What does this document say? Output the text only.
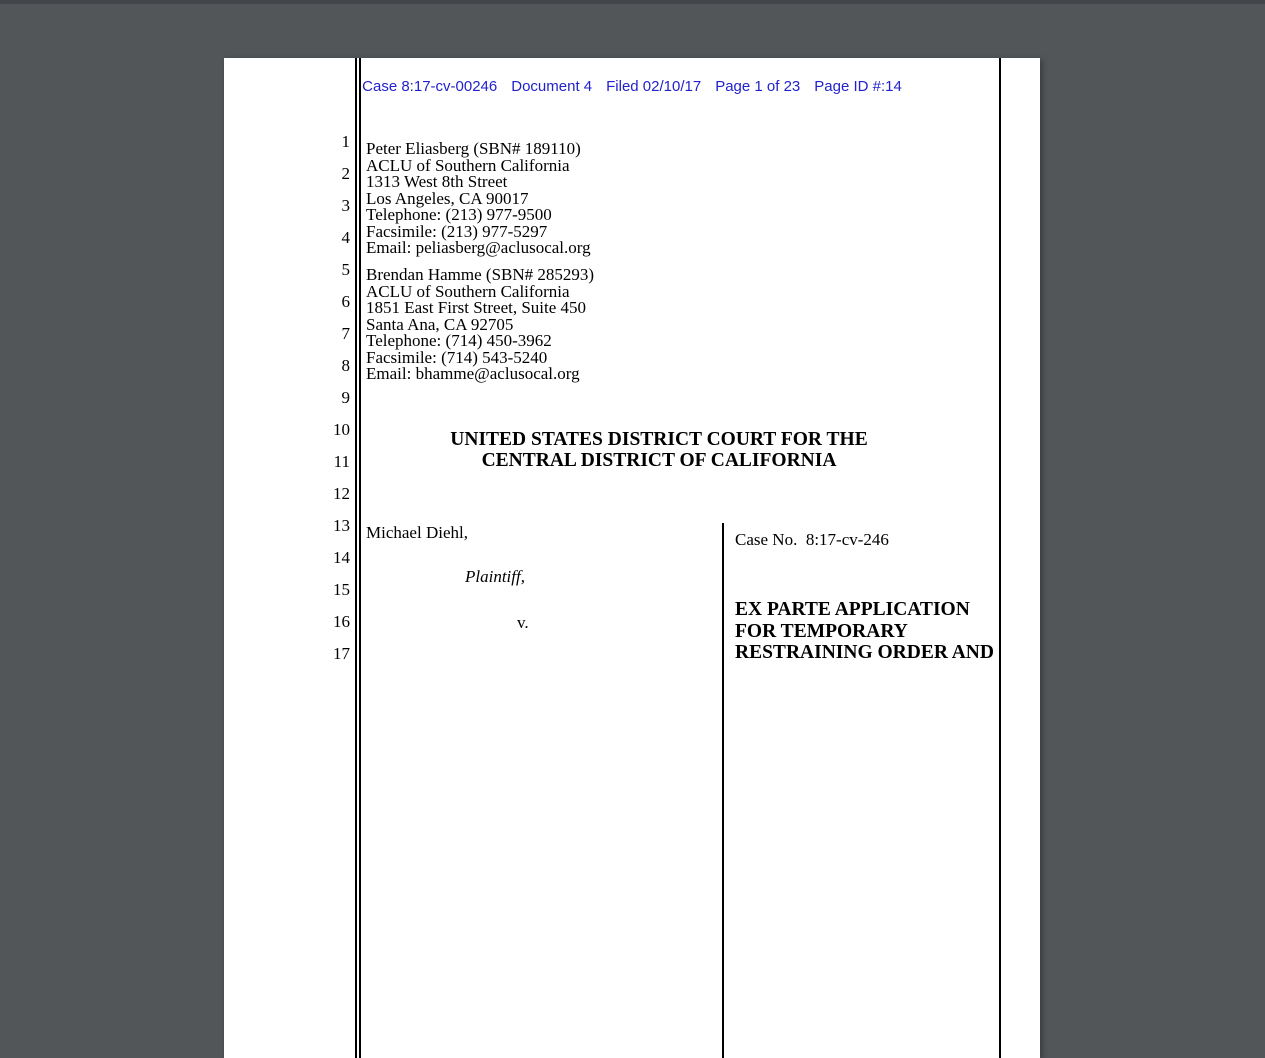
Case 8:17-cv-00246 Document 4 Filed 02/10/17 Page 1 of 23 Page ID #:14
1
2
3
4
5
6
7
8
9
10
11
12
13
14
15
16
17
Peter Eliasberg (SBN# 189110)
ACLU of Southern California
1313 West 8th Street
Los Angeles, CA 90017
Telephone: (213) 977-9500
Facsimile: (213) 977-5297
Email: peliasberg@aclusocal.org
Brendan Hamme (SBN# 285293)
ACLU of Southern California
1851 East First Street, Suite 450
Santa Ana, CA 92705
Telephone: (714) 450-3962
Facsimile: (714) 543-5240
Email: bhamme@aclusocal.org
UNITED STATES DISTRICT COURT FOR THE
CENTRAL DISTRICT OF CALIFORNIA
Michael Diehl,
Plaintiff,
v.
Case No.  8:17-cv-246
EX PARTE APPLICATION
FOR TEMPORARY
RESTRAINING ORDER AND
